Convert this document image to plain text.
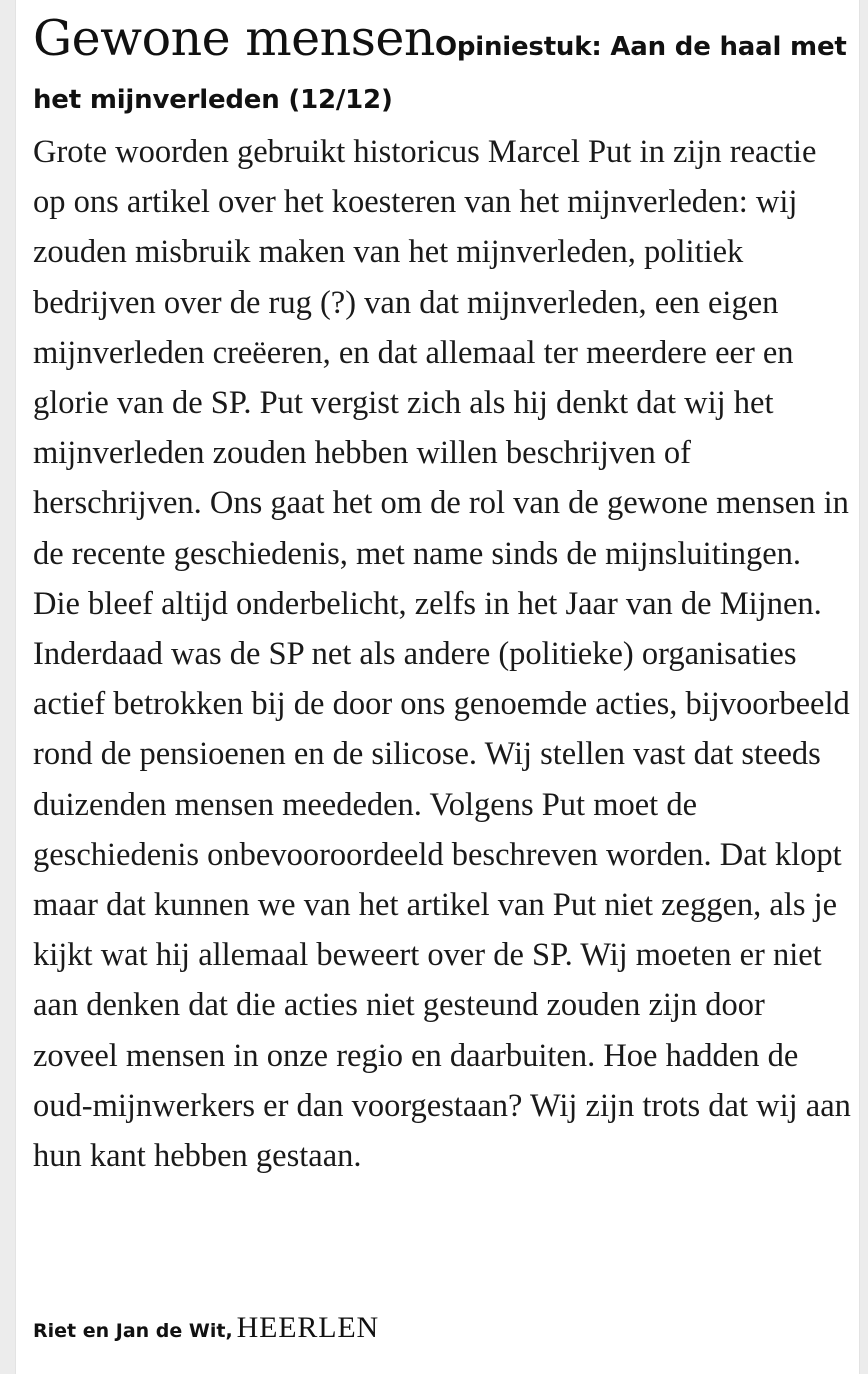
Gewone mensenOpiniestuk: Aan de haal met het mijnverleden (12/12)

Grote woorden gebruikt historicus Marcel Put in zijn reactie op ons artikel over het koesteren van het mijnverleden: wij zouden misbruik maken van het mijnverleden, politiek bedrijven over de rug (?) van dat mijnverleden, een eigen mijnverleden creëeren, en dat allemaal ter meerdere eer en glorie van de SP. Put vergist zich als hij denkt dat wij het mijnverleden zouden hebben willen beschrijven of herschrijven. Ons gaat het om de rol van de gewone mensen in de recente geschiedenis, met name sinds de mijnsluitingen. Die bleef altijd onderbelicht, zelfs in het Jaar van de Mijnen. Inderdaad was de SP net als andere (politieke) organisaties actief betrokken bij de door ons genoemde acties, bijvoorbeeld rond de pensioenen en de silicose. Wij stellen vast dat steeds duizenden mensen meededen. Volgens Put moet de geschiedenis onbevooroordeeld beschreven worden. Dat klopt maar dat kunnen we van het artikel van Put niet zeggen, als je kijkt wat hij allemaal beweert over de SP. Wij moeten er niet aan denken dat die acties niet gesteund zouden zijn door zoveel mensen in onze regio en daarbuiten. Hoe hadden de oud-mijnwerkers er dan voorgestaan? Wij zijn trots dat wij aan hun kant hebben gestaan.

Riet en Jan de Wit, HEERLEN
